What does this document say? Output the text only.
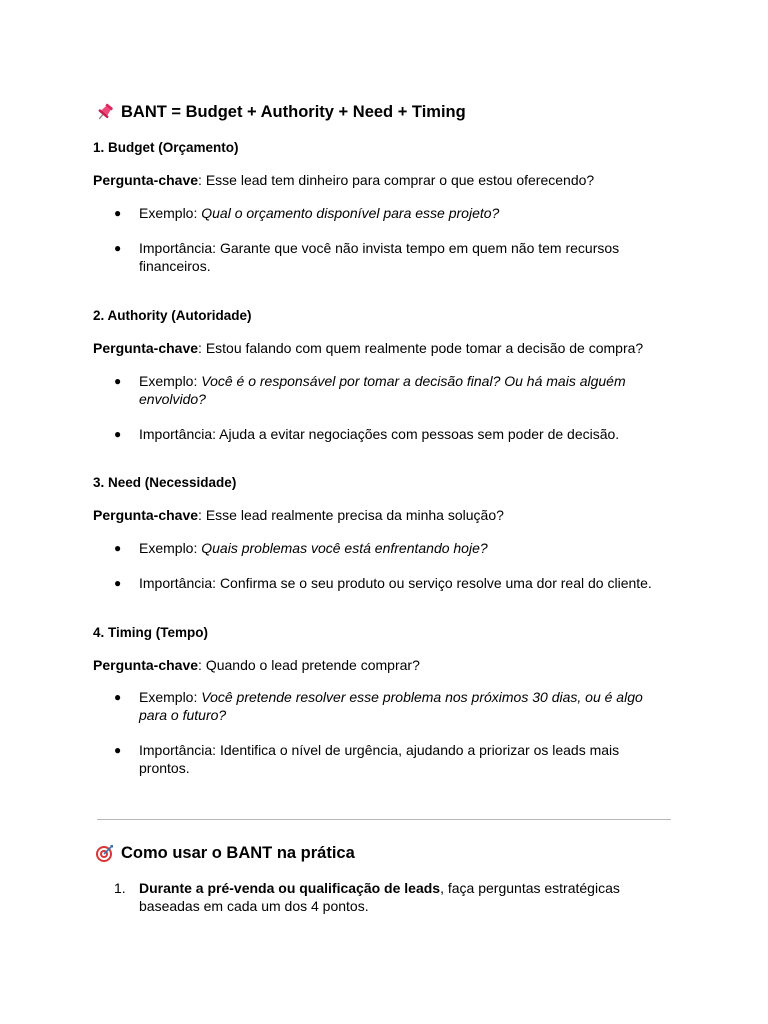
BANT = Budget + Authority + Need + Timing
1. Budget (Orçamento)
Pergunta-chave: Esse lead tem dinheiro para comprar o que estou oferecendo?
● Exemplo: Qual o orçamento disponível para esse projeto?
● Importância: Garante que você não invista tempo em quem não tem recursos
financeiros.
2. Authority (Autoridade)
Pergunta-chave: Estou falando com quem realmente pode tomar a decisão de compra?
● Exemplo: Você é o responsável por tomar a decisão final? Ou há mais alguém
envolvido?
● Importância: Ajuda a evitar negociações com pessoas sem poder de decisão.
3. Need (Necessidade)
Pergunta-chave: Esse lead realmente precisa da minha solução?
● Exemplo: Quais problemas você está enfrentando hoje?
● Importância: Confirma se o seu produto ou serviço resolve uma dor real do cliente.
4. Timing (Tempo)
Pergunta-chave: Quando o lead pretende comprar?
● Exemplo: Você pretende resolver esse problema nos próximos 30 dias, ou é algo
para o futuro?
● Importância: Identifica o nível de urgência, ajudando a priorizar os leads mais
prontos.
Como usar o BANT na prática
1. Durante a pré-venda ou qualificação de leads, faça perguntas estratégicas
baseadas em cada um dos 4 pontos.
